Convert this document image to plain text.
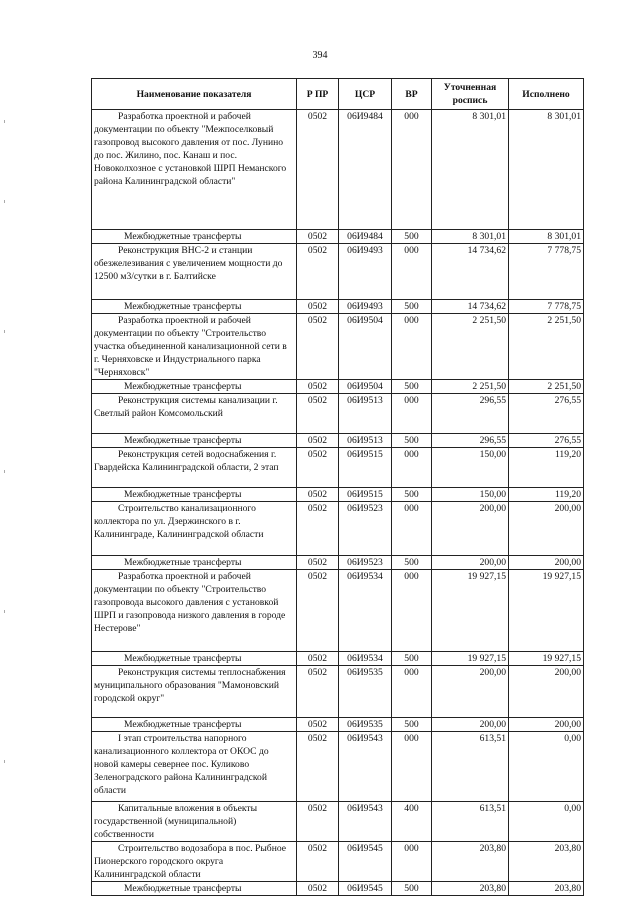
394
Наименование показателя	Р ПР	ЦСР	ВР	Уточненная роспись	Исполнено

Разработка проектной и рабочей документации по объекту "Межпоселковый газопровод высокого давления от пос. Лунино до пос. Жилино, пос. Канаш и пос. Новоколхозное с установкой ШРП Неманского района Калининградской области"	0502	06И9484	000	8 301,01	8 301,01

Межбюджетные трансферты	0502	06И9484	500	8 301,01	8 301,01

Реконструкция ВНС-2 и станции обезжелезивания с увеличением мощности до 12500 м3/сутки в г. Балтийске	0502	06И9493	000	14 734,62	7 778,75

Межбюджетные трансферты	0502	06И9493	500	14 734,62	7 778,75

Разработка проектной и рабочей документации по объекту "Строительство участка объединенной канализационной сети в г. Черняховске и Индустриального парка "Черняховск"	0502	06И9504	000	2 251,50	2 251,50

Межбюджетные трансферты	0502	06И9504	500	2 251,50	2 251,50

Реконструкция системы канализации г. Светлый район Комсомольский	0502	06И9513	000	296,55	276,55

Межбюджетные трансферты	0502	06И9513	500	296,55	276,55

Реконструкция сетей водоснабжения г. Гвардейска Калининградской области, 2 этап	0502	06И9515	000	150,00	119,20

Межбюджетные трансферты	0502	06И9515	500	150,00	119,20

Строительство канализационного коллектора по ул. Дзержинского в г. Калининграде, Калининградской области	0502	06И9523	000	200,00	200,00

Межбюджетные трансферты	0502	06И9523	500	200,00	200,00

Разработка проектной и рабочей документации по объекту "Строительство газопровода высокого давления с установкой ШРП и газопровода низкого давления в городе Нестерове"	0502	06И9534	000	19 927,15	19 927,15

Межбюджетные трансферты	0502	06И9534	500	19 927,15	19 927,15

Реконструкция системы теплоснабжения муниципального образования "Мамоновский городской округ"	0502	06И9535	000	200,00	200,00

Межбюджетные трансферты	0502	06И9535	500	200,00	200,00

I этап строительства напорного канализационного коллектора от ОКОС до новой камеры севернее пос. Куликово Зеленоградского района Калининградской области	0502	06И9543	000	613,51	0,00

Капитальные вложения в объекты государственной (муниципальной) собственности	0502	06И9543	400	613,51	0,00

Строительство водозабора в пос. Рыбное Пионерского городского округа Калининградской области	0502	06И9545	000	203,80	203,80

Межбюджетные трансферты	0502	06И9545	500	203,80	203,80
